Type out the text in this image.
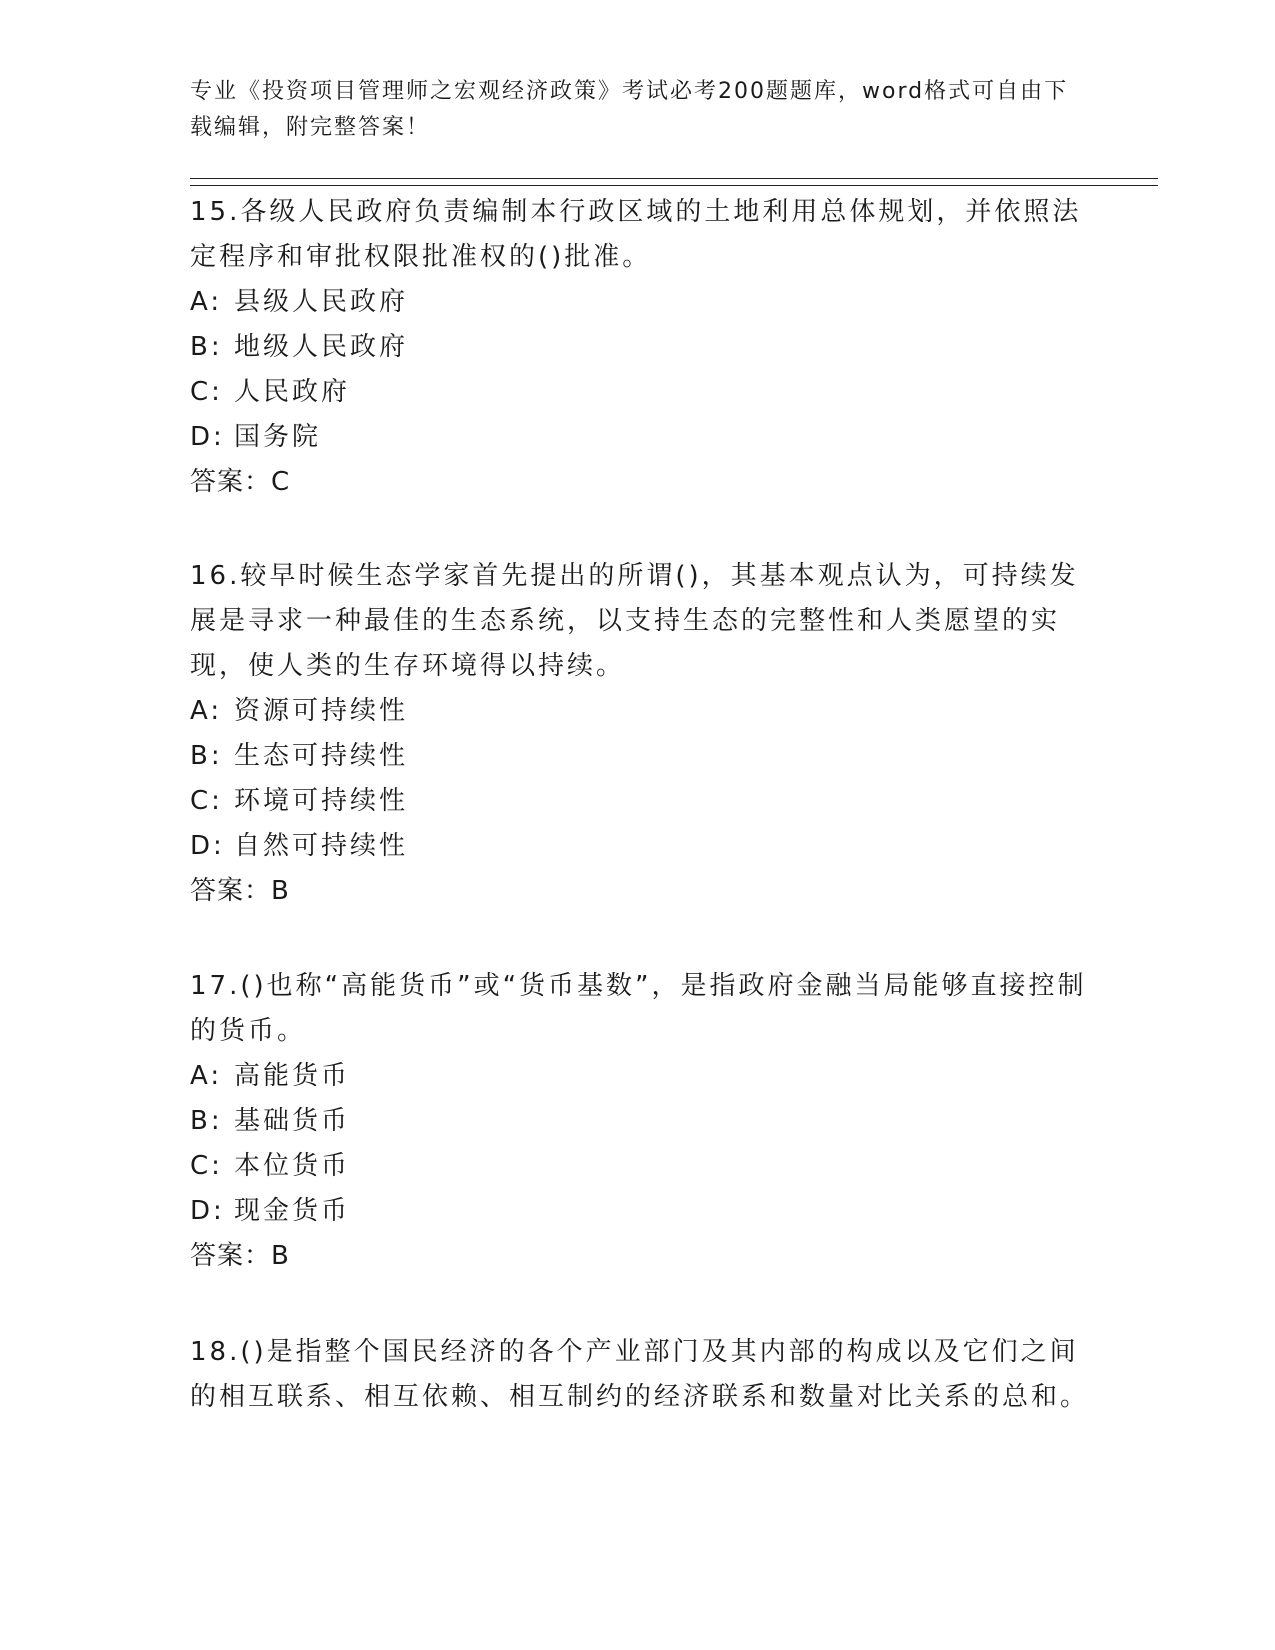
专业《投资项目管理师之宏观经济政策》考试必考200题题库，word格式可自由下载编辑，附完整答案！

15.各级人民政府负责编制本行政区域的土地利用总体规划，并依照法定程序和审批权限批准权的()批准。

A: 县级人民政府

B: 地级人民政府

C: 人民政府

D: 国务院

答案：C

16.较早时候生态学家首先提出的所谓()，其基本观点认为，可持续发展是寻求一种最佳的生态系统，以支持生态的完整性和人类愿望的实现，使人类的生存环境得以持续。

A: 资源可持续性

B: 生态可持续性

C: 环境可持续性

D: 自然可持续性

答案：B

17.()也称“高能货币”或“货币基数”，是指政府金融当局能够直接控制的货币。

A: 高能货币

B: 基础货币

C: 本位货币

D: 现金货币

答案：B

18.()是指整个国民经济的各个产业部门及其内部的构成以及它们之间的相互联系、相互依赖、相互制约的经济联系和数量对比关系的总和。
